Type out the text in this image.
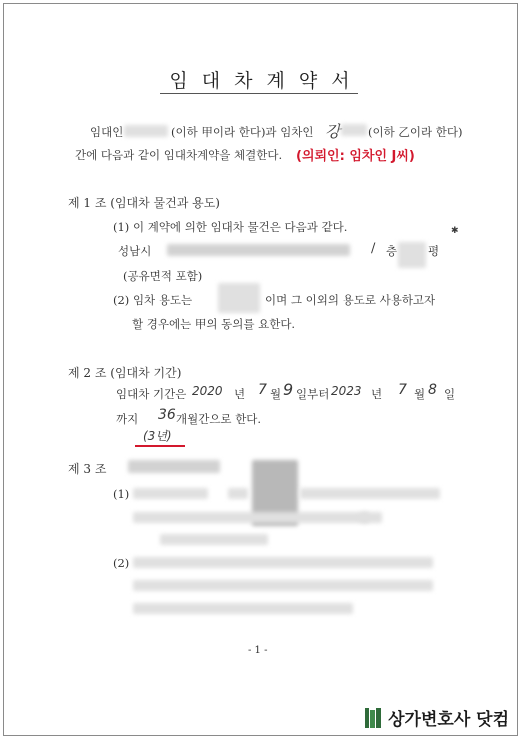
임 대 차 계 약 서
임대인	(이하 甲이라 한다)과 임차인 강 (이하 乙이라 한다)
간에 다음과 같이 임대차계약을 체결한다. (의뢰인: 임차인 J씨)
제 1 조 (임대차 물건과 용도)
(1) 이 계약에 의한 임대차 물건은 다음과 같다.	✱
성남시	/ 층	평
(공유면적 포함)
(2) 임차 용도는	이며 그 이외의 용도로 사용하고자
할 경우에는 甲의 동의를 요한다.
제 2 조 (임대차 기간)
임대차 기간은 2020 년 7 월 9 일부터 2023 년 7 월 8 일
까지 36 개월간으로 한다.
(3년)
제 3 조
(1)
(2)
- 1 -
상가변호사 닷컴
